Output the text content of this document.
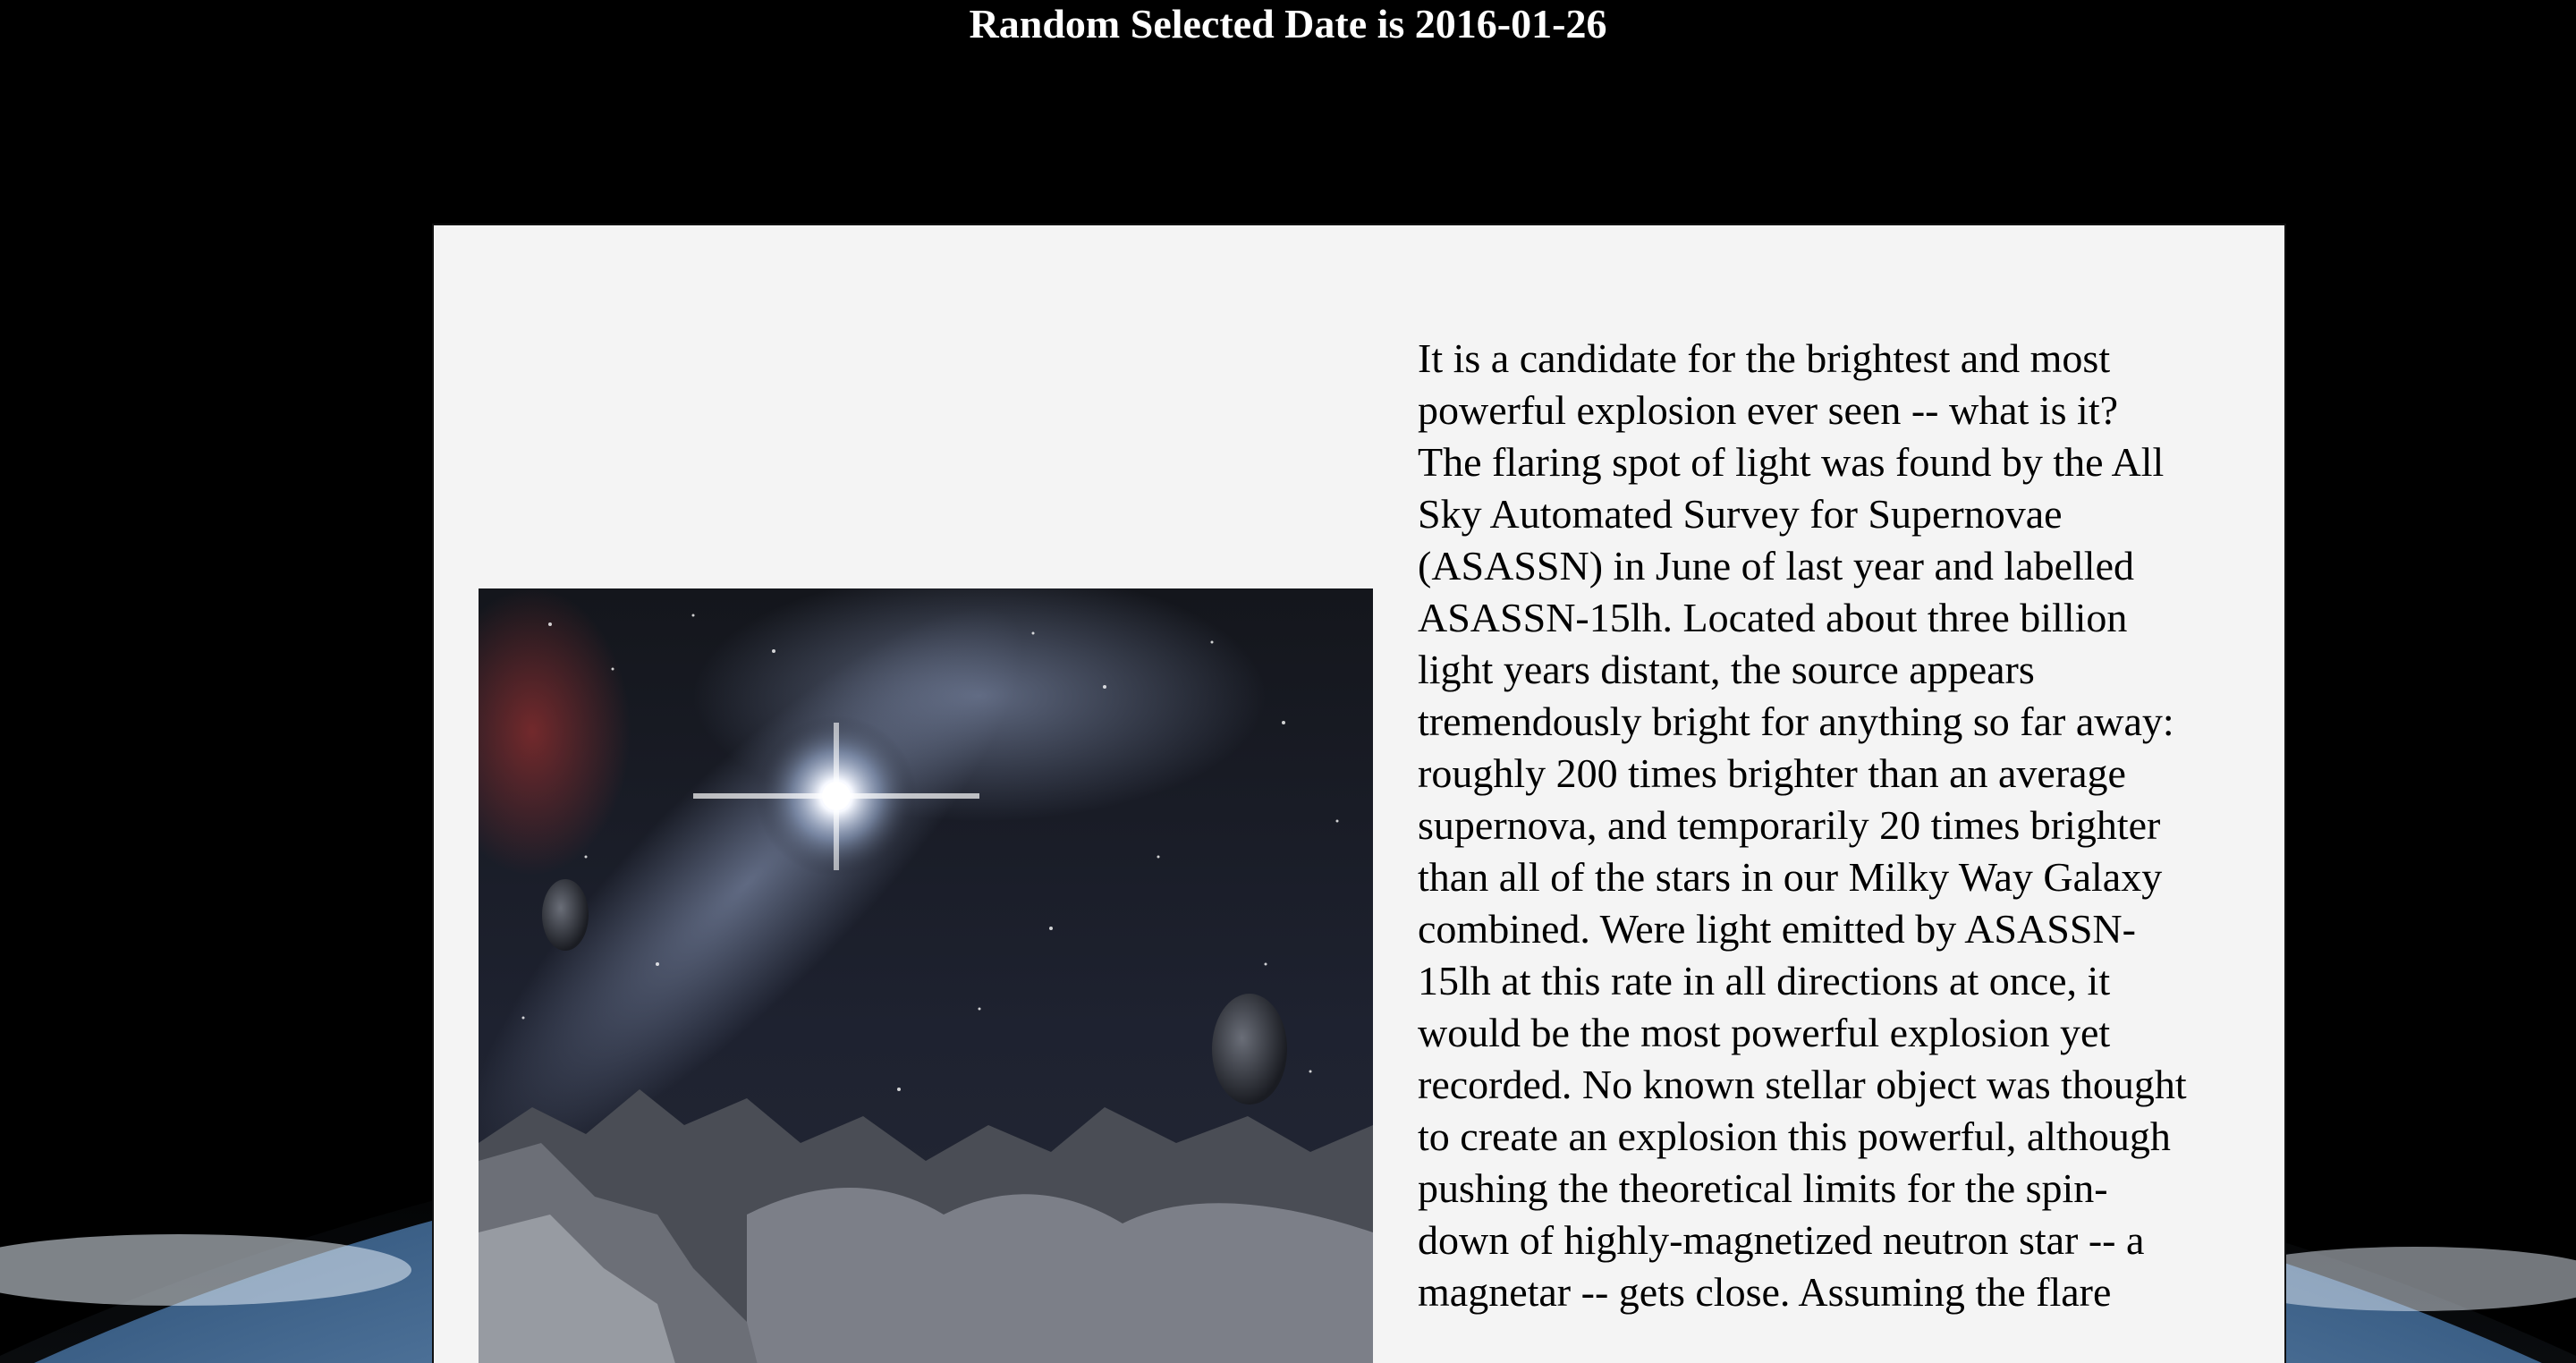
Random Selected Date is 2016-01-26

It is a candidate for the brightest and most powerful explosion ever seen -- what is it? The flaring spot of light was found by the All Sky Automated Survey for Supernovae (ASASSN) in June of last year and labelled ASASSN-15lh. Located about three billion light years distant, the source appears tremendously bright for anything so far away: roughly 200 times brighter than an average supernova, and temporarily 20 times brighter than all of the stars in our Milky Way Galaxy combined. Were light emitted by ASASSN-15lh at this rate in all directions at once, it would be the most powerful explosion yet recorded. No known stellar object was thought to create an explosion this powerful, although pushing the theoretical limits for the spin-down of highly-magnetized neutron star -- a magnetar -- gets close. Assuming the flare
